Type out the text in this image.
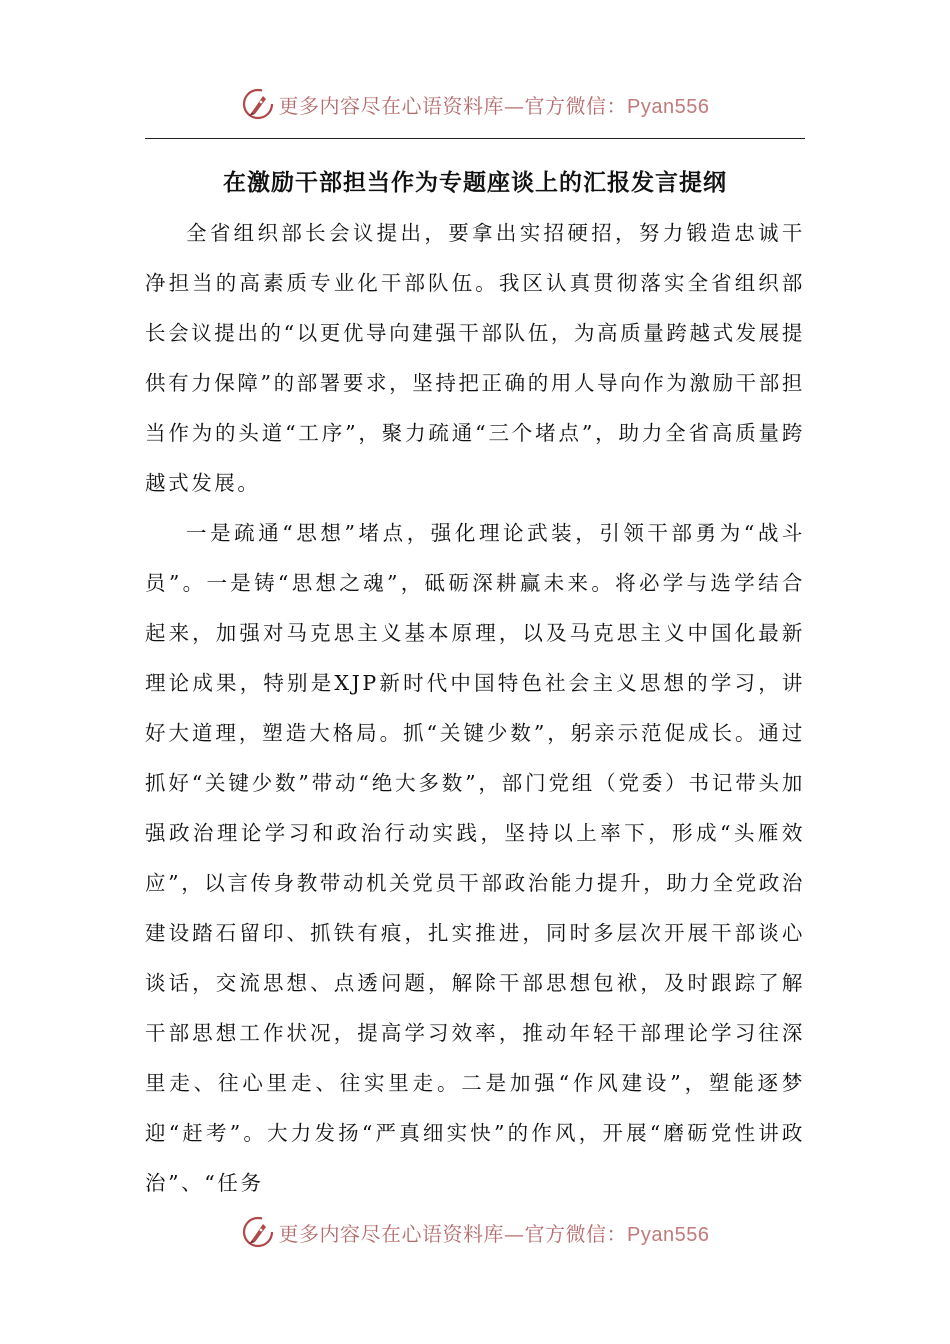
更多内容尽在心语资料库—官方微信：Pyan556
在激励干部担当作为专题座谈上的汇报发言提纲

全省组织部长会议提出，要拿出实招硬招，努力锻造忠诚干净担当的高素质专业化干部队伍。我区认真贯彻落实全省组织部长会议提出的“以更优导向建强干部队伍，为高质量跨越式发展提供有力保障”的部署要求，坚持把正确的用人导向作为激励干部担当作为的头道“工序”，聚力疏通“三个堵点”，助力全省高质量跨越式发展。

一是疏通“思想”堵点，强化理论武装，引领干部勇为“战斗员”。一是铸“思想之魂”，砥砺深耕赢未来。将必学与选学结合起来，加强对马克思主义基本原理，以及马克思主义中国化最新理论成果，特别是XJP新时代中国特色社会主义思想的学习，讲好大道理，塑造大格局。抓“关键少数”，躬亲示范促成长。通过抓好“关键少数”带动“绝大多数”，部门党组（党委）书记带头加强政治理论学习和政治行动实践，坚持以上率下，形成“头雁效应”，以言传身教带动机关党员干部政治能力提升，助力全党政治建设踏石留印、抓铁有痕，扎实推进，同时多层次开展干部谈心谈话，交流思想、点透问题，解除干部思想包袱，及时跟踪了解干部思想工作状况，提高学习效率，推动年轻干部理论学习往深里走、往心里走、往实里走。二是加强“作风建设”，塑能逐梦迎“赶考”。大力发扬“严真细实快”的作风，开展“磨砺党性讲政治”、“任务

更多内容尽在心语资料库—官方微信：Pyan556
